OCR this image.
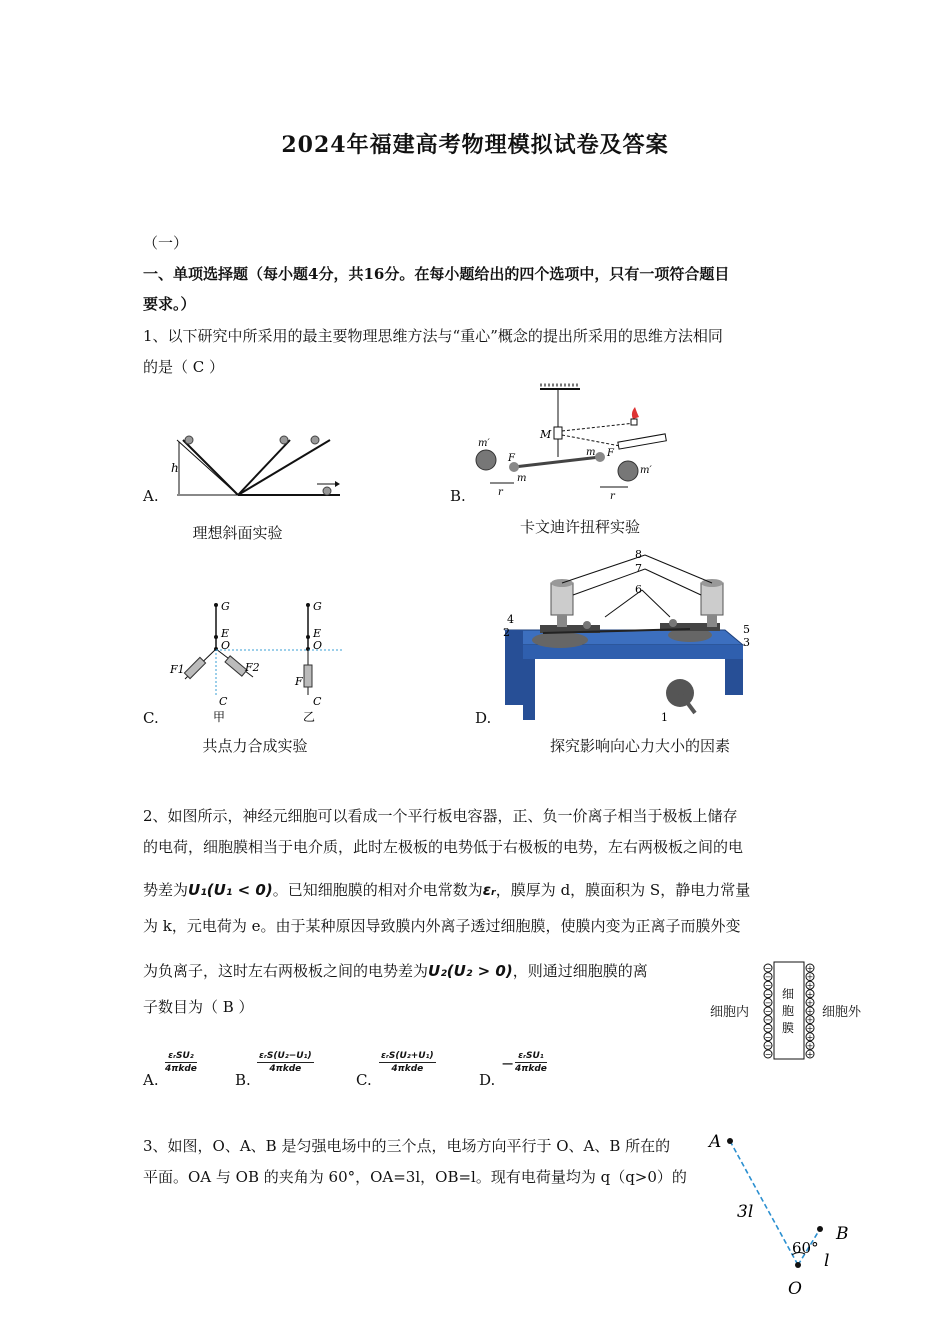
2024年福建高考物理模拟试卷及答案
（一）
一、单项选择题（每小题4分，共16分。在每小题给出的四个选项中，只有一项符合题目
要求。）
1、以下研究中所采用的最主要物理思维方法与“重心”概念的提出所采用的思维方法相同
的是（ C ）
A.
h
理想斜面实验
B.
M
m′
m′
m
m
F	F
r	r
卡文迪许扭秤实验
C.
G
E
O
F1	F2
C
甲
G
E
O
F
C
乙
共点力合成实验
D.
8
7
6
4
2	5
3
1
探究影响向心力大小的因素
2、如图所示，神经元细胞可以看成一个平行板电容器，正、负一价离子相当于极板上储存
的电荷，细胞膜相当于电介质，此时左极板的电势低于右极板的电势，左右两极板之间的电
势差为U₁(U₁ < 0)。已知细胞膜的相对介电常数为εᵣ，膜厚为 d，膜面积为 S，静电力常量
为 k，元电荷为 e。由于某种原因导致膜内外离子透过细胞膜，使膜内变为正离子而膜外变
为负离子，这时左右两极板之间的电势差为U₂(U₂ > 0)，则通过细胞膜的离
子数目为（ B ）	细胞内	细胞外
−
−
−
−
−
−
−
−
−
−
−
+
+
+
+
+
+
+
+
+
+
+
细
胞
膜
A.
εᵣSU₂
4πkde
B.
εᵣS(U₂−U₁)
4πkde
C.
εᵣS(U₂+U₁)
4πkde
D.
− εᵣSU₁
4πkde
3、如图，O、A、B 是匀强电场中的三个点，电场方向平行于 O、A、B 所在的
平面。OA 与 OB 的夹角为 60°，OA=3l，OB=l。现有电荷量均为 q（q>0）的
A
B
O
3l
l
60°
